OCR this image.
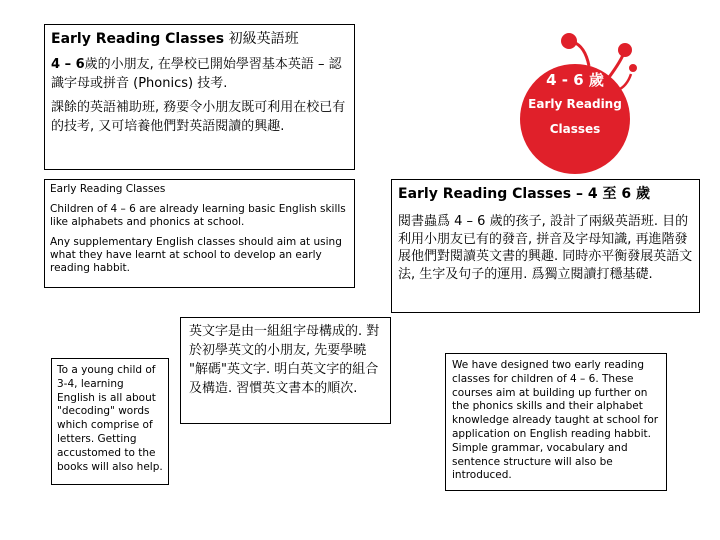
Early Reading Classes 初級英語班

4 – 6歲的小朋友, 在學校已開始學習基本英語 – 認識字母或拼音 (Phonics) 技考.

課餘的英語補助班, 務要令小朋友既可利用在校已有的技考, 又可培養他們對英語閱讀的興趣.

Early Reading Classes

Children of 4 – 6 are already learning basic English skills like alphabets and phonics at school.

Any supplementary English classes should aim at using what they have learnt at school to develop an early reading habbit.

Early Reading Classes – 4 至 6 歲

閱書蟲爲 4 – 6 歲的孩子, 設計了兩級英語班. 目的利用小朋友已有的發音, 拼音及字母知識, 再進階發展他們對閱讀英文書的興趣. 同時亦平衡發展英語文法, 生字及句子的運用. 爲獨立閱讀打穩基礎.

英文字是由一組組字母構成的. 對於初學英文的小朋友, 先要學曉 "解碼"英文字. 明白英文字的組合及構造. 習慣英文書本的順次.

To a young child of 3-4, learning English is all about "decoding" words which comprise of letters. Getting accustomed to the books will also help.

We have designed two early reading classes for children of 4 – 6. These courses aim at building up further on the phonics skills and their alphabet knowledge already taught at school for application on English reading habbit. Simple grammar, vocabulary and sentence structure will also be introduced.

4 - 6 歲
Early Reading
Classes
